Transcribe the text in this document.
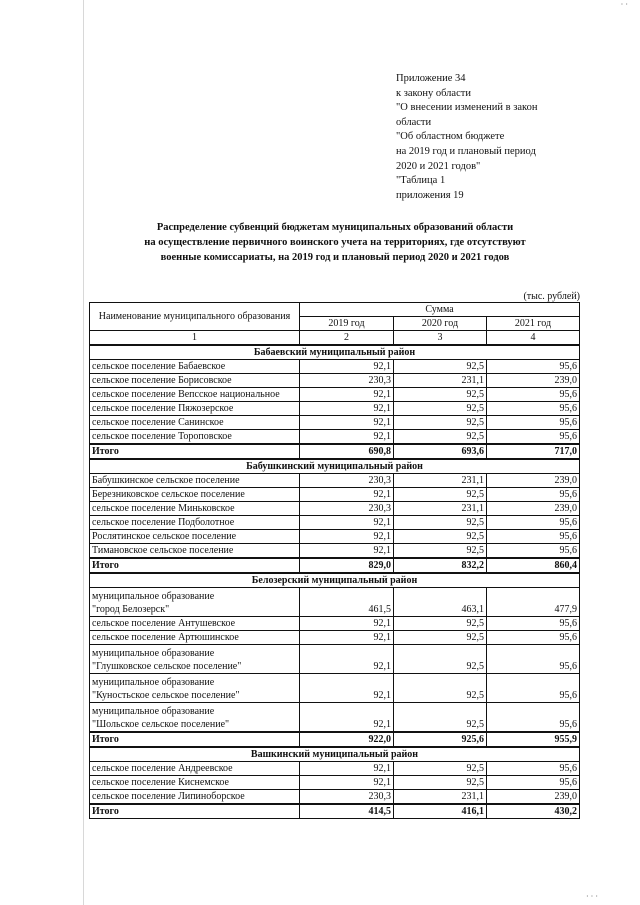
· ·
· · ·
Приложение 34
к закону области
"О внесении изменений в закон
области
"Об областном бюджете
на 2019 год и плановый период
2020 и 2021 годов"
"Таблица 1
приложения 19
Распределение субвенций бюджетам муниципальных образований области
на осуществление первичного воинского учета на территориях, где отсутствуют
военные комиссариаты, на 2019 год и плановый период 2020 и 2021 годов
(тыс. рублей)
Наименование муниципального образования	Сумма		
	2019 год	2020 год	2021 год
1	2	3	4
Бабаевский муниципальный район			

сельское поселение Бабаевское	92,1	92,5	95,6

сельское поселение Борисовское	230,3	231,1	239,0

сельское поселение Вепсское национальное	92,1	92,5	95,6

сельское поселение Пяжозерское	92,1	92,5	95,6

сельское поселение Санинское	92,1	92,5	95,6

сельское поселение Тороповское	92,1	92,5	95,6
Итого	690,8	693,6	717,0
Бабушкинский муниципальный район			

Бабушкинское сельское поселение	230,3	231,1	239,0

Березниковское сельское поселение	92,1	92,5	95,6

сельское поселение Миньковское	230,3	231,1	239,0

сельское поселение Подболотное	92,1	92,5	95,6

Рослятинское сельское поселение	92,1	92,5	95,6

Тимановское сельское поселение	92,1	92,5	95,6
Итого	829,0	832,2	860,4
Белозерский муниципальный район			

муниципальное образование
"город Белозерск"	461,5	463,1	477,9

сельское поселение Антушевское	92,1	92,5	95,6

сельское поселение Артюшинское	92,1	92,5	95,6

муниципальное образование
"Глушковское сельское поселение"	92,1	92,5	95,6

муниципальное образование
"Куностьское сельское поселение"	92,1	92,5	95,6

муниципальное образование
"Шольское сельское поселение"	92,1	92,5	95,6
Итого	922,0	925,6	955,9
Вашкинский муниципальный район			

сельское поселение Андреевское	92,1	92,5	95,6

сельское поселение Киснемское	92,1	92,5	95,6

сельское поселение Липиноборское	230,3	231,1	239,0
Итого	414,5	416,1	430,2
